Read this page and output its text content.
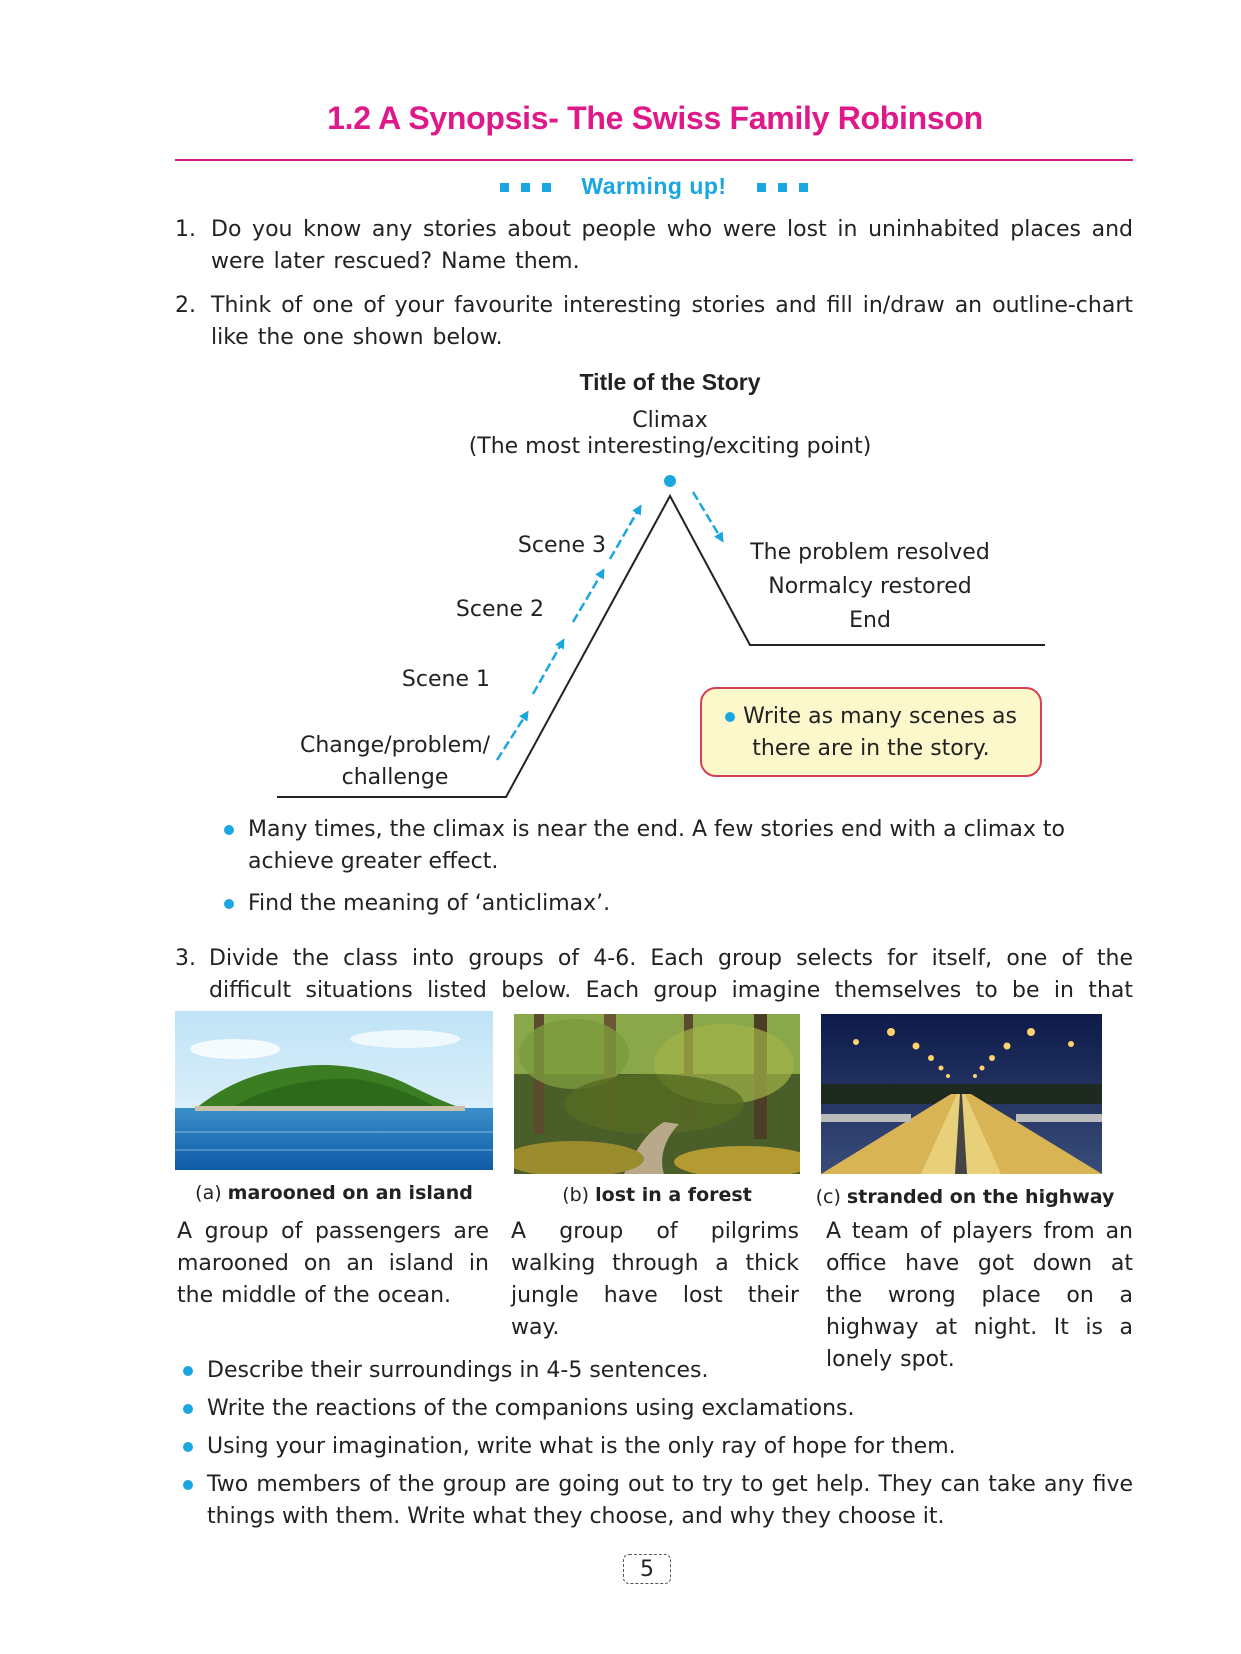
1.2 A Synopsis- The Swiss Family Robinson
Warming up!
1. Do you know any stories about people who were lost in uninhabited places and were later rescued? Name them.
2. Think of one of your favourite interesting stories and fill in/draw an outline-chart like the one shown below.
Title of the Story
Climax
(The most interesting/exciting point)
Scene 3
Scene 2
Scene 1
Change/problem/
challenge
The problem resolved
Normalcy restored
End
Write as many scenes as
there are in the story.
Many times, the climax is near the end. A few stories end with a climax to achieve greater effect.
Find the meaning of ‘anticlimax’.
3. Divide the class into groups of 4-6. Each group selects for itself, one of the difficult situations listed below. Each group imagine themselves to be in that
(a) marooned on an island	(b) lost in a forest	(c) stranded on the highway
A group of passengers are marooned on an island in the middle of the ocean.
A group of pilgrims walking through a thick jungle have lost their way.
A team of players from an office have got down at the wrong place on a highway at night. It is a lonely spot.
Describe their surroundings in 4-5 sentences.
Write the reactions of the companions using exclamations.
Using your imagination, write what is the only ray of hope for them.
Two members of the group are going out to try to get help. They can take any five things with them. Write what they choose, and why they choose it.
5
